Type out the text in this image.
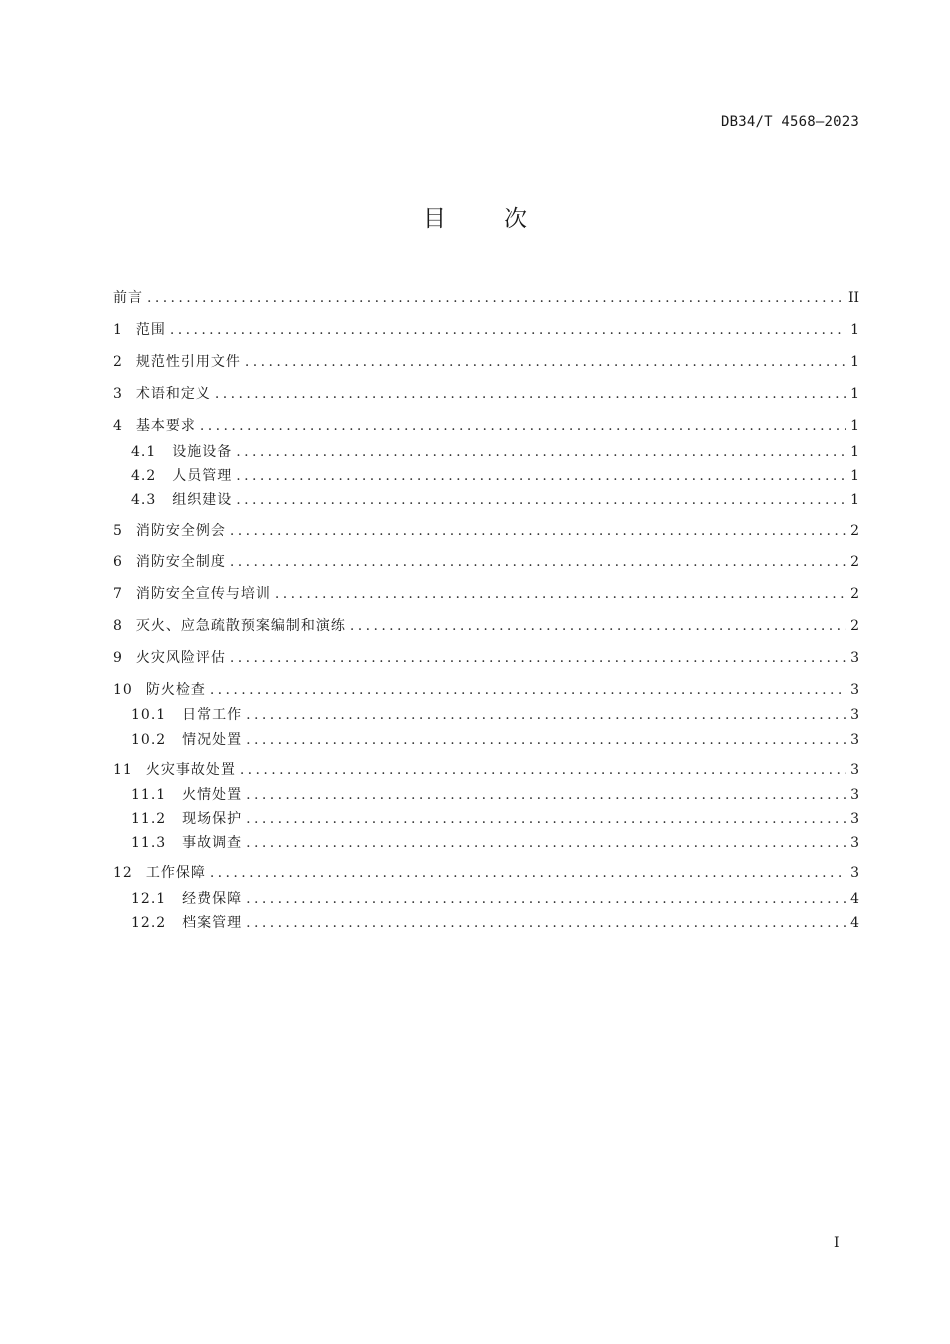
DB34/T 4568—2023
目次
前言 .....	II
1 范围 .....	1
2 规范性引用文件 .....	1
3 术语和定义 .....	1
4 基本要求 .....	1
4.1 设施设备 .....	1
4.2 人员管理 .....	1
4.3 组织建设 .....	1
5 消防安全例会 .....	2
6 消防安全制度 .....	2
7 消防安全宣传与培训 .....	2
8 灭火、应急疏散预案编制和演练 .....	2
9 火灾风险评估 .....	3
10 防火检查 .....	3
10.1 日常工作 .....	3
10.2 情况处置 .....	3
11 火灾事故处置 .....	3
11.1 火情处置 .....	3
11.2 现场保护 .....	3
11.3 事故调查 .....	3
12 工作保障 .....	3
12.1 经费保障 .....	4
12.2 档案管理 .....	4
I
